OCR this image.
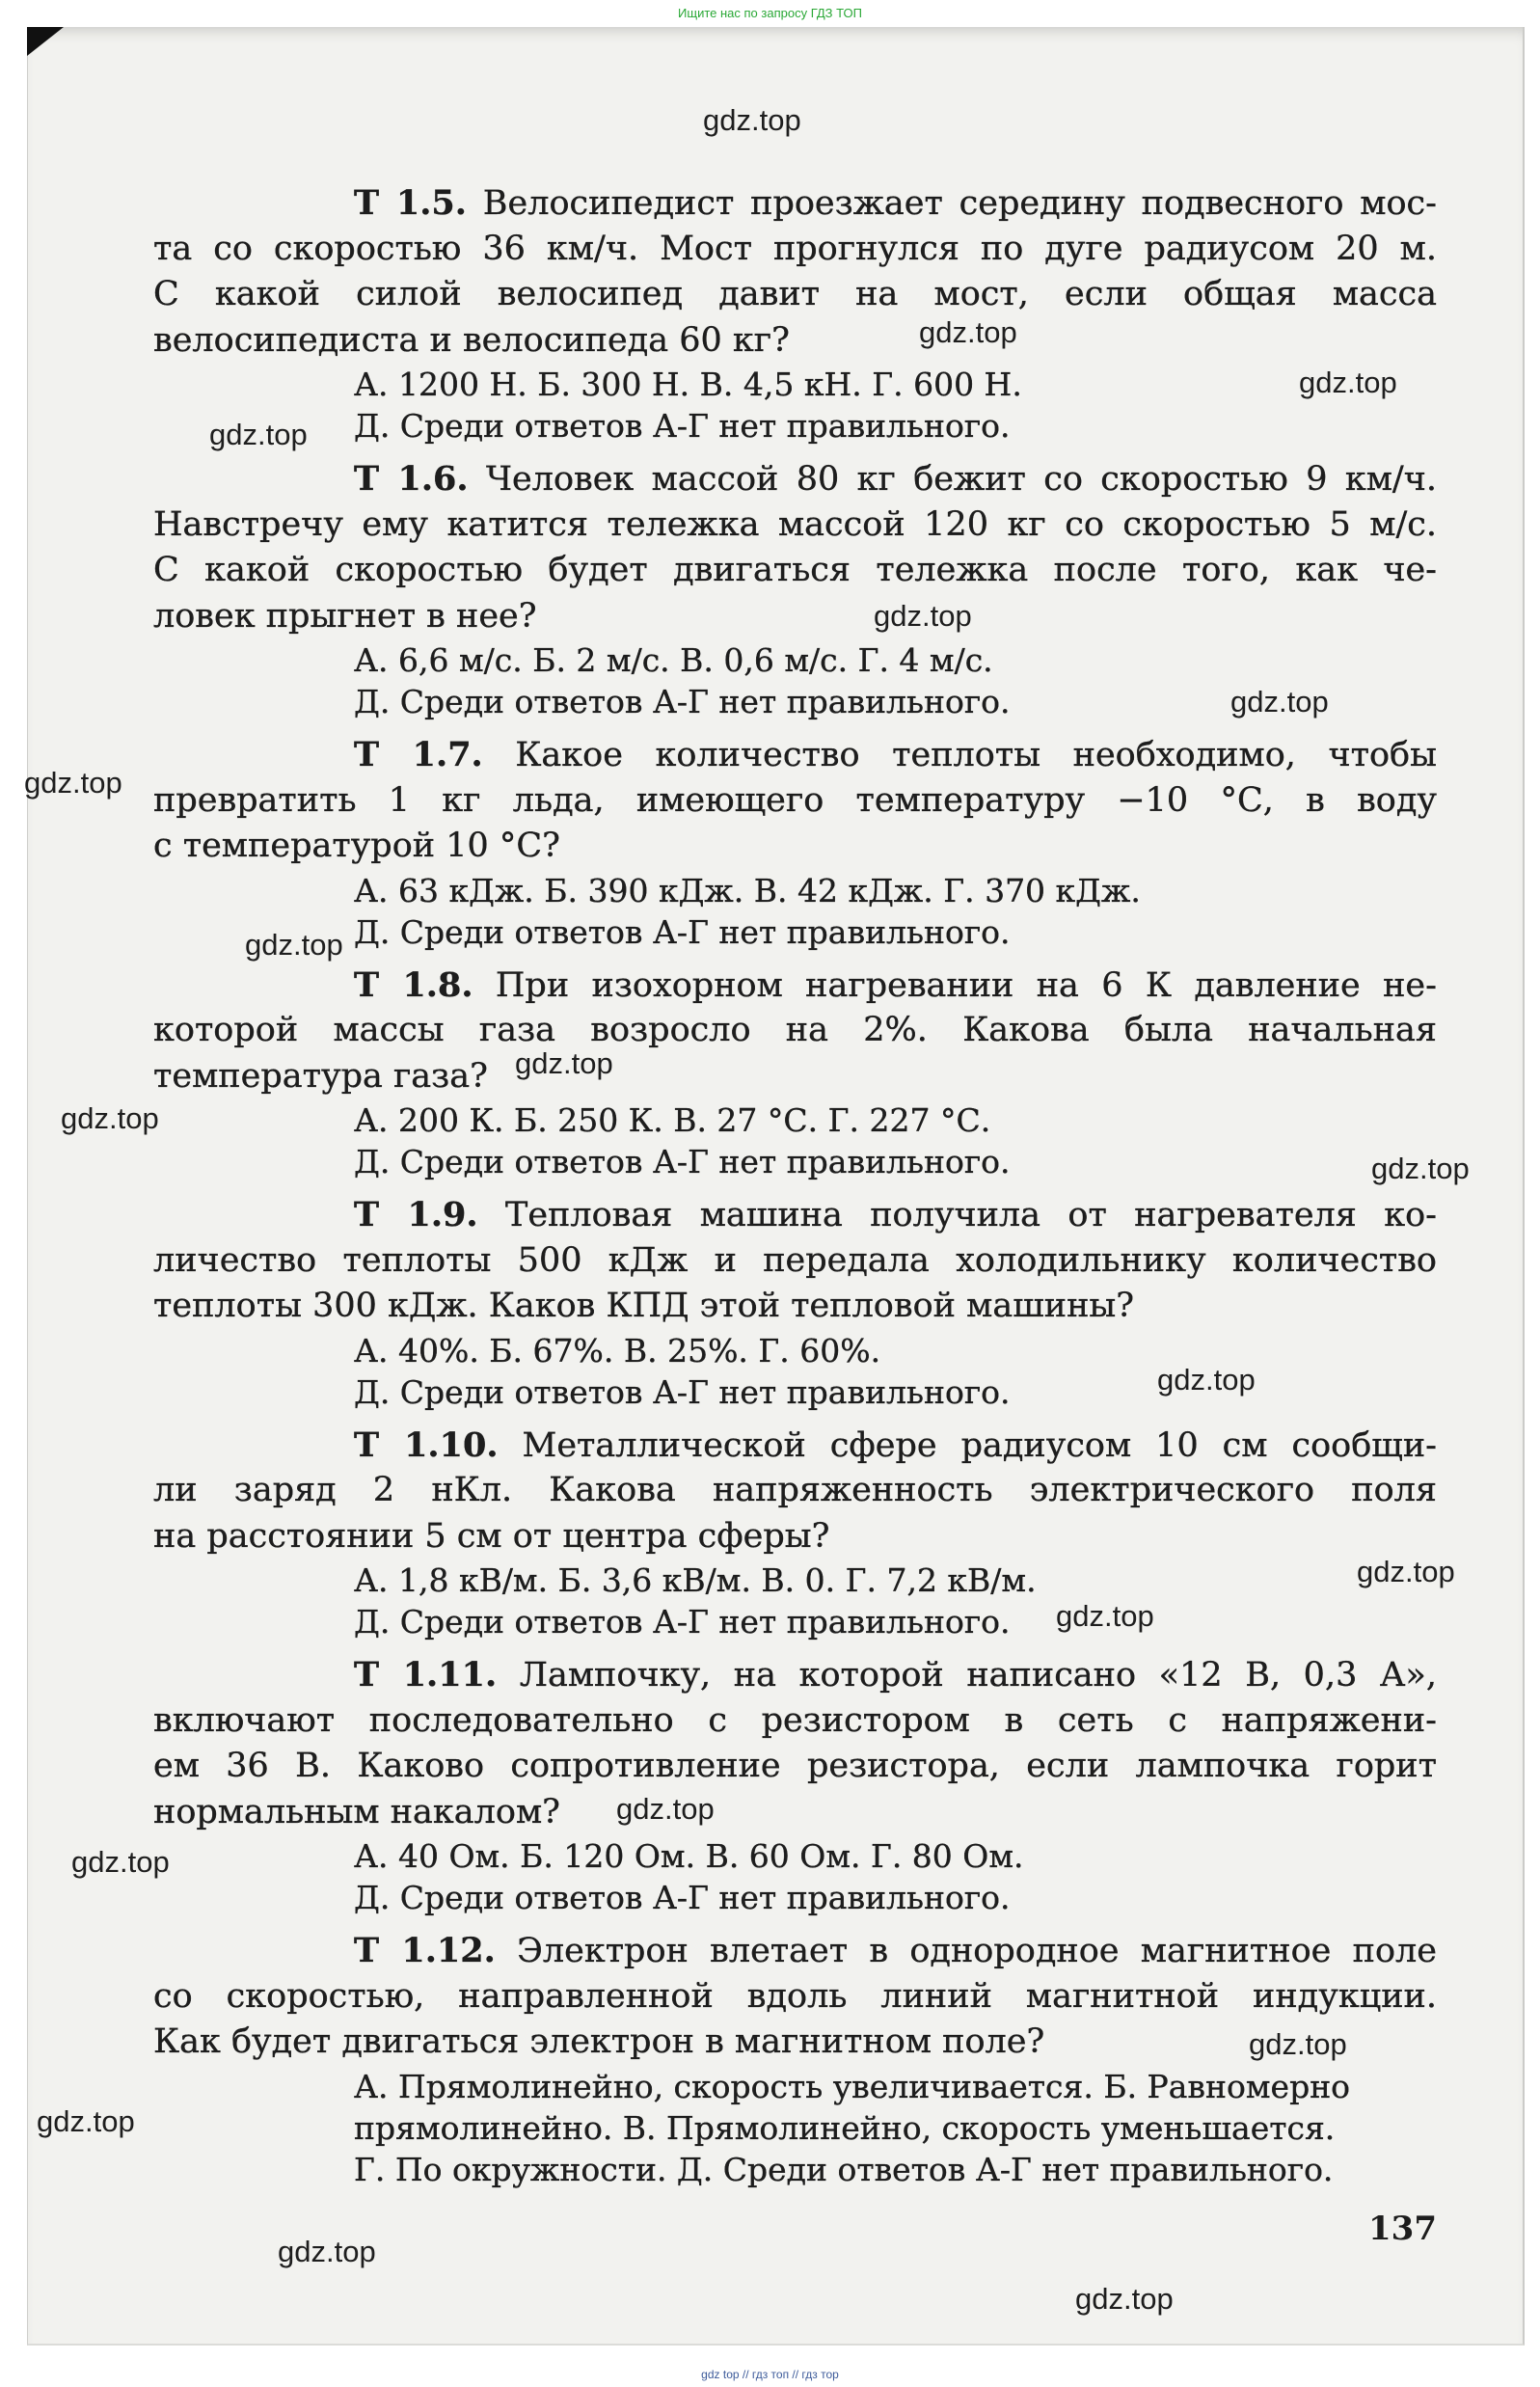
Ищите нас по запросу ГДЗ ТОП
Т 1.5. Велосипедист проезжает середину подвесного мос-
та со скоростью 36 км/ч. Мост прогнулся по дуге радиусом 20 м.
С какой силой велосипед давит на мост, если общая масса
велосипедиста и велосипеда 60 кг?
А. 1200 Н. Б. 300 Н. В. 4,5 кН. Г. 600 Н.
Д. Среди ответов А-Г нет правильного.
Т 1.6. Человек массой 80 кг бежит со скоростью 9 км/ч.
Навстречу ему катится тележка массой 120 кг со скоростью 5 м/с.
С какой скоростью будет двигаться тележка после того, как че-
ловек прыгнет в нее?
А. 6,6 м/с. Б. 2 м/с. В. 0,6 м/с. Г. 4 м/с.
Д. Среди ответов А-Г нет правильного.
Т 1.7. Какое количество теплоты необходимо, чтобы
превратить 1 кг льда, имеющего температуру −10 °С, в воду
с температурой 10 °С?
А. 63 кДж. Б. 390 кДж. В. 42 кДж. Г. 370 кДж.
Д. Среди ответов А-Г нет правильного.
Т 1.8. При изохорном нагревании на 6 К давление не-
которой массы газа возросло на 2%. Какова была начальная
температура газа?
А. 200 К. Б. 250 К. В. 27 °С. Г. 227 °С.
Д. Среди ответов А-Г нет правильного.
Т 1.9. Тепловая машина получила от нагревателя ко-
личество теплоты 500 кДж и передала холодильнику количество
теплоты 300 кДж. Каков КПД этой тепловой машины?
А. 40%. Б. 67%. В. 25%. Г. 60%.
Д. Среди ответов А-Г нет правильного.
Т 1.10. Металлической сфере радиусом 10 см сообщи-
ли заряд 2 нКл. Какова напряженность электрического поля
на расстоянии 5 см от центра сферы?
А. 1,8 кВ/м. Б. 3,6 кВ/м. В. 0. Г. 7,2 кВ/м.
Д. Среди ответов А-Г нет правильного.
Т 1.11. Лампочку, на которой написано «12 В, 0,3 А»,
включают последовательно с резистором в сеть с напряжени-
ем 36 В. Каково сопротивление резистора, если лампочка горит
нормальным накалом?
А. 40 Ом. Б. 120 Ом. В. 60 Ом. Г. 80 Ом.
Д. Среди ответов А-Г нет правильного.
Т 1.12. Электрон влетает в однородное магнитное поле
со скоростью, направленной вдоль линий магнитной индукции.
Как будет двигаться электрон в магнитном поле?
А. Прямолинейно, скорость увеличивается. Б. Равномерно
прямолинейно. В. Прямолинейно, скорость уменьшается.
Г. По окружности. Д. Среди ответов А-Г нет правильного.
137
gdz.top
gdz.top
gdz.top
gdz.top
gdz.top
gdz.top
gdz.top
gdz.top
gdz.top
gdz.top
gdz.top
gdz.top
gdz.top
gdz.top
gdz.top
gdz.top
gdz.top
gdz.top
gdz.top
gdz.top
gdz top // гдз топ // гдз тор
